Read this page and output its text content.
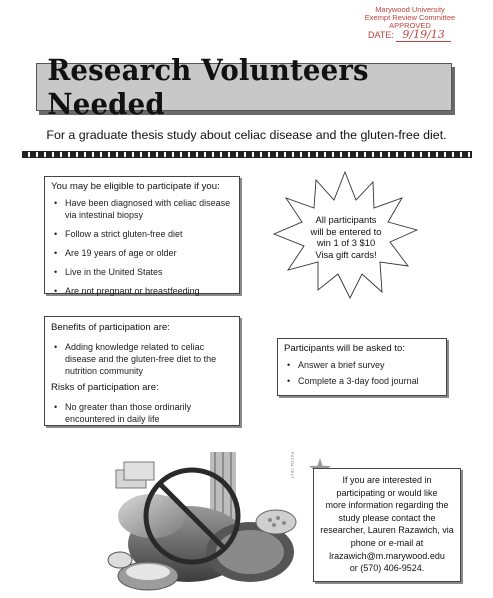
Marywood University
Exempt Review Committee
APPROVED
DATE: 9/19/13
Research Volunteers Needed
For a graduate thesis study about celiac disease and the gluten-free diet.
You may be eligible to participate if you:
• Have been diagnosed with celiac disease via intestinal biopsy
• Follow a strict gluten-free diet
• Are 19 years of age or older
• Live in the United States
• Are not pregnant or breastfeeding
All participants
will be entered to
win 1 of 3 $10
Visa gift cards!
Benefits of participation are:
• Adding knowledge related to celiac disease and the gluten-free diet to the nutrition community
Risks of participation are:
• No greater than those ordinarily encountered in daily life
Participants will be asked to:
• Answer a brief survey
• Complete a 3-day food journal
POSTAL TEXT
If you are interested in
participating or would like
more information regarding the
study please contact the
researcher, Lauren Razawich, via
phone or e-mail at
lrazawich@m.marywood.edu
or (570) 406-9524.
